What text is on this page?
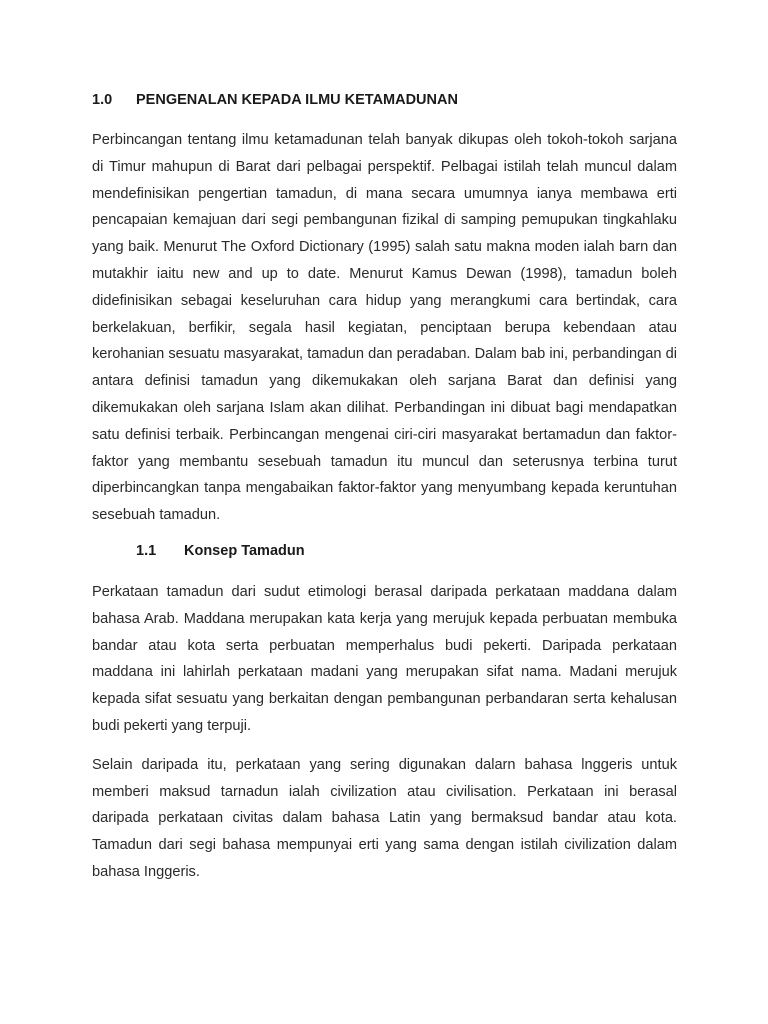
1.0	PENGENALAN KEPADA ILMU KETAMADUNAN

Perbincangan tentang ilmu ketamadunan telah banyak dikupas oleh tokoh-tokoh sarjana di Timur mahupun di Barat dari pelbagai perspektif. Pelbagai istilah telah muncul dalam mendefinisikan pengertian tamadun, di mana secara umumnya ianya membawa erti pencapaian kemajuan dari segi pembangunan fizikal di samping pemupukan tingkahlaku yang baik. Menurut The Oxford Dictionary (1995) salah satu makna moden ialah barn dan mutakhir iaitu new and up to date. Menurut Kamus Dewan (1998), tamadun boleh didefinisikan sebagai keseluruhan cara hidup yang merangkumi cara bertindak, cara berkelakuan, berfikir, segala hasil kegiatan, penciptaan berupa kebendaan atau kerohanian sesuatu masyarakat, tamadun dan peradaban. Dalam bab ini, perbandingan di antara definisi tamadun yang dikemukakan oleh sarjana Barat dan definisi yang dikemukakan oleh sarjana Islam akan dilihat. Perbandingan ini dibuat bagi mendapatkan satu definisi terbaik. Perbincangan mengenai ciri-ciri masyarakat bertamadun dan faktor-faktor yang membantu sesebuah tamadun itu muncul dan seterusnya terbina turut diperbincangkan tanpa mengabaikan faktor-faktor yang menyumbang kepada keruntuhan sesebuah tamadun.

1.1	Konsep Tamadun

Perkataan tamadun dari sudut etimologi berasal daripada perkataan maddana dalam bahasa Arab. Maddana merupakan kata kerja yang merujuk kepada perbuatan membuka bandar atau kota serta perbuatan memperhalus budi pekerti. Daripada perkataan maddana ini lahirlah perkataan madani yang merupakan sifat nama. Madani merujuk kepada sifat sesuatu yang berkaitan dengan pembangunan perbandaran serta kehalusan budi pekerti yang terpuji.

Selain daripada itu, perkataan yang sering digunakan dalarn bahasa lnggeris untuk memberi maksud tarnadun ialah civilization atau civilisation. Perkataan ini berasal daripada perkataan civitas dalam bahasa Latin yang bermaksud bandar atau kota. Tamadun dari segi bahasa mempunyai erti yang sama dengan istilah civilization dalam bahasa Inggeris.
